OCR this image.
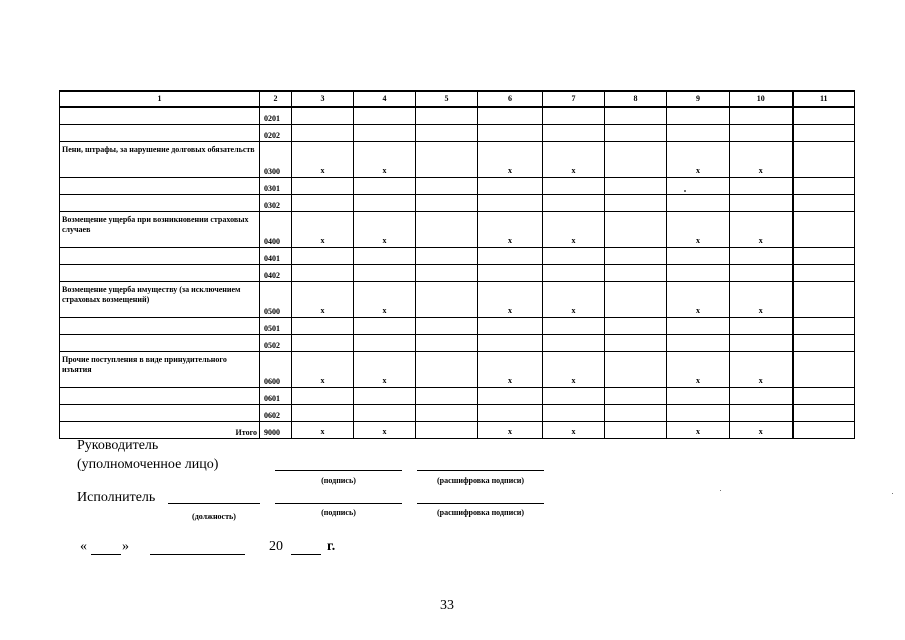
1	2	3	4	5	6	7	8	9	10	11
	0201									
	0202									
Пени, штрафы, за нарушение долговых обязательств	0300	x	x		x	x		x	x	
	0301									
	0302									
Возмещение ущерба при возникновении страховых случаев	0400	x	x		x	x		x	x	
	0401									
	0402									
Возмещение ущерба имуществу (за исключением страховых возмещений)	0500	x	x		x	x		x	x	
	0501									
	0502									
Прочие поступления в виде принудительного изъятия	0600	x	x		x	x		x	x	
	0601									
	0602									
Итого	9000	x	x		x	x		x	x	
Руководитель
(уполномоченное лицо)
(подпись)	(расшифровка подписи)
Исполнитель
(должность)	(подпись)	(расшифровка подписи)
«	»	20	г.
33
